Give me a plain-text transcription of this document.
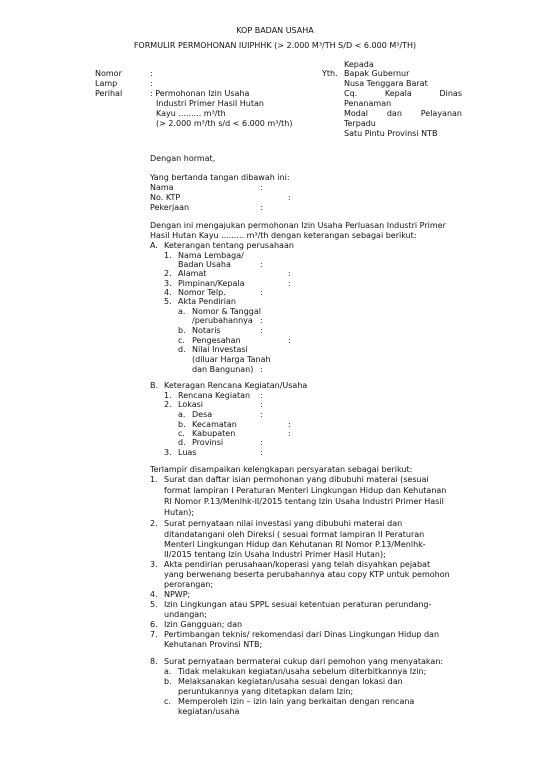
KOP BADAN USAHA
FORMULIR PERMOHONAN IUIPHHK (> 2.000 M³/TH S/D < 6.000 M³/TH)
Nomor	:
Lamp	:
Perihal	: Permohonan Izin Usaha
Industri Primer Hasil Hutan
Kayu ......... m³/th
(> 2.000 m³/th s/d < 6.000 m³/th)
Kepada
Yth. Bapak Gubernur
Nusa Tenggara Barat
Cq. Kepala Dinas
Penanaman
Modal dan Pelayanan
Terpadu
Satu Pintu Provinsi NTB
Dengan hormat,
Yang bertanda tangan dibawah ini:
Nama	:
No. KTP	:
Pekerjaan	:
Dengan ini mengajukan permohonan Izin Usaha Perluasan Industri Primer
Hasil Hutan Kayu ......... m³/th dengan keterangan sebagai berikut:
A. Keterangan tentang perusahaan
1. Nama Lembaga/
Badan Usaha	:
2. Alamat	:
3. Pimpinan/Kepala	:
4. Nomor Telp.	:
5. Akta Pendirian
a. Nomor & Tanggal
/perubahannya :
b. Notaris	:
c. Pengesahan	:
d. Nilai Investasi
(diluar Harga Tanah
dan Bangunan) :
B. Keteragan Rencana Kegiatan/Usaha
1. Rencana Kegiatan :
2. Lokasi	:
a. Desa	:
b. Kecamatan	:
c. Kabupaten	:
d. Provinsi	:
3. Luas	:
Terlampir disampaikan kelengkapan persyaratan sebagai berikut:
1. Surat dan daftar isian permohonan yang dibubuhi materai (sesuai
format lampiran I Peraturan Menteri Lingkungan Hidup dan Kehutanan
RI Nomor P.13/Menlhk-II/2015 tentang Izin Usaha Industri Primer Hasil
Hutan);
2. Surat pernyataan nilai investasi yang dibubuhi materai dan
ditandatangani oleh Direksi ( sesuai format lampiran II Peraturan
Menteri Lingkungan Hidup dan Kehutanan RI Nomor P.13/Menlhk-
II/2015 tentang Izin Usaha Industri Primer Hasil Hutan);
3. Akta pendirian perusahaan/koperasi yang telah disyahkan pejabat
yang berwenang beserta perubahannya atau copy KTP untuk pemohon
perorangan;
4. NPWP;
5. Izin Lingkungan atau SPPL sesuai ketentuan peraturan perundang-
undangan;
6. Izin Gangguan; dan
7. Pertimbangan teknis/ rekomendasi dari Dinas Lingkungan Hidup dan
Kehutanan Provinsi NTB;
8. Surat pernyataan bermaterai cukup dari pemohon yang menyatakan:
a. Tidak melakukan kegiatan/usaha sebelum diterbitkannya Izin;
b. Melaksanakan kegiatan/usaha sesuai dengan lokasi dan
peruntukannya yang ditetapkan dalam Izin;
c. Memperoleh izin – izin lain yang berkaitan dengan rencana
kegiatan/usaha
